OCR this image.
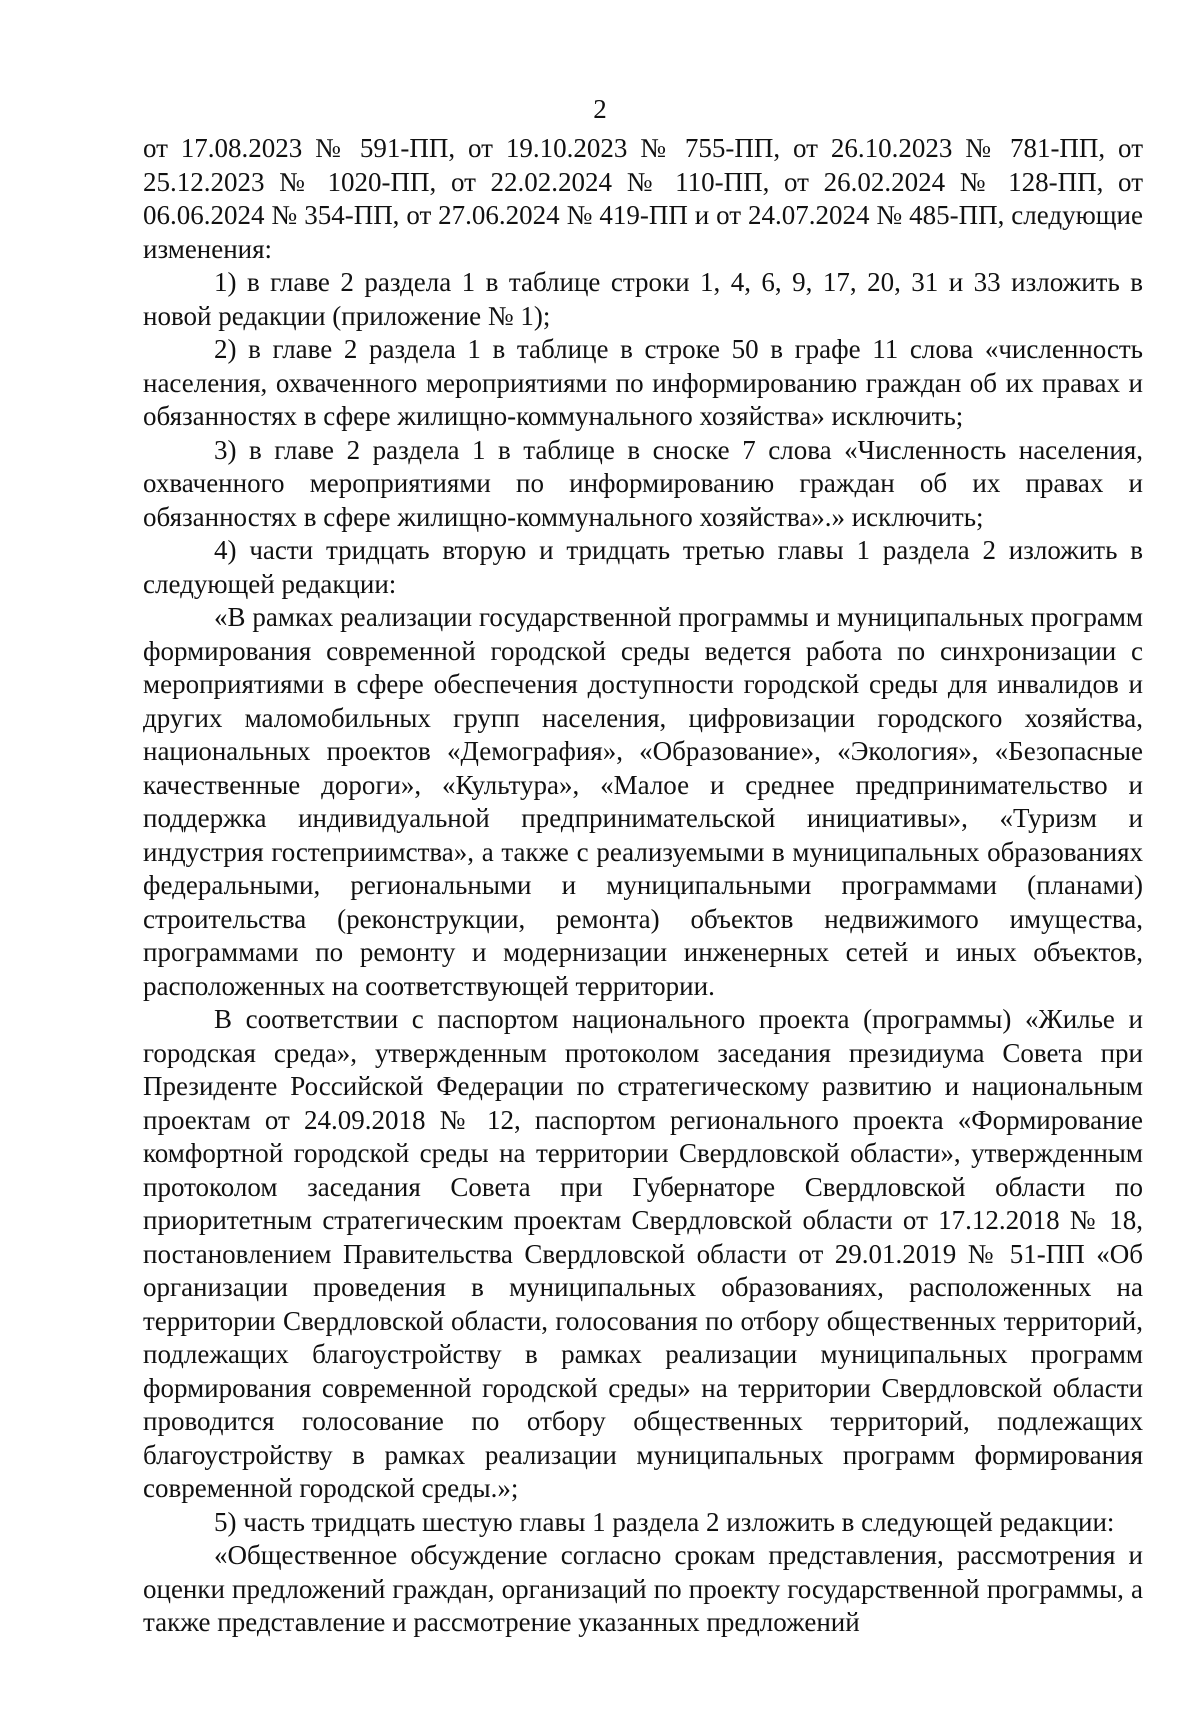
2

от 17.08.2023 № 591-ПП, от 19.10.2023 № 755-ПП, от 26.10.2023 № 781-ПП, от 25.12.2023 № 1020-ПП, от 22.02.2024 № 110-ПП, от 26.02.2024 № 128-ПП, от 06.06.2024 № 354-ПП, от 27.06.2024 № 419-ПП и от 24.07.2024 № 485-ПП, следующие изменения:

1) в главе 2 раздела 1 в таблице строки 1, 4, 6, 9, 17, 20, 31 и 33 изложить в новой редакции (приложение № 1);

2) в главе 2 раздела 1 в таблице в строке 50 в графе 11 слова «численность населения, охваченного мероприятиями по информированию граждан об их правах и обязанностях в сфере жилищно-коммунального хозяйства» исключить;

3) в главе 2 раздела 1 в таблице в сноске 7 слова «Численность населения, охваченного мероприятиями по информированию граждан об их правах и обязанностях в сфере жилищно-коммунального хозяйства».» исключить;

4) части тридцать вторую и тридцать третью главы 1 раздела 2 изложить в следующей редакции:

«В рамках реализации государственной программы и муниципальных программ формирования современной городской среды ведется работа по синхронизации с мероприятиями в сфере обеспечения доступности городской среды для инвалидов и других маломобильных групп населения, цифровизации городского хозяйства, национальных проектов «Демография», «Образование», «Экология», «Безопасные качественные дороги», «Культура», «Малое и среднее предпринимательство и поддержка индивидуальной предпринимательской инициативы», «Туризм и индустрия гостеприимства», а также с реализуемыми в муниципальных образованиях федеральными, региональными и муниципальными программами (планами) строительства (реконструкции, ремонта) объектов недвижимого имущества, программами по ремонту и модернизации инженерных сетей и иных объектов, расположенных на соответствующей территории.

В соответствии с паспортом национального проекта (программы) «Жилье и городская среда», утвержденным протоколом заседания президиума Совета при Президенте Российской Федерации по стратегическому развитию и национальным проектам от 24.09.2018 № 12, паспортом регионального проекта «Формирование комфортной городской среды на территории Свердловской области», утвержденным протоколом заседания Совета при Губернаторе Свердловской области по приоритетным стратегическим проектам Свердловской области от 17.12.2018 № 18, постановлением Правительства Свердловской области от 29.01.2019 № 51-ПП «Об организации проведения в муниципальных образованиях, расположенных на территории Свердловской области, голосования по отбору общественных территорий, подлежащих благоустройству в рамках реализации муниципальных программ формирования современной городской среды» на территории Свердловской области проводится голосование по отбору общественных территорий, подлежащих благоустройству в рамках реализации муниципальных программ формирования современной городской среды.»;

5) часть тридцать шестую главы 1 раздела 2 изложить в следующей редакции:

«Общественное обсуждение согласно срокам представления, рассмотрения и оценки предложений граждан, организаций по проекту государственной программы, а также представление и рассмотрение указанных предложений
